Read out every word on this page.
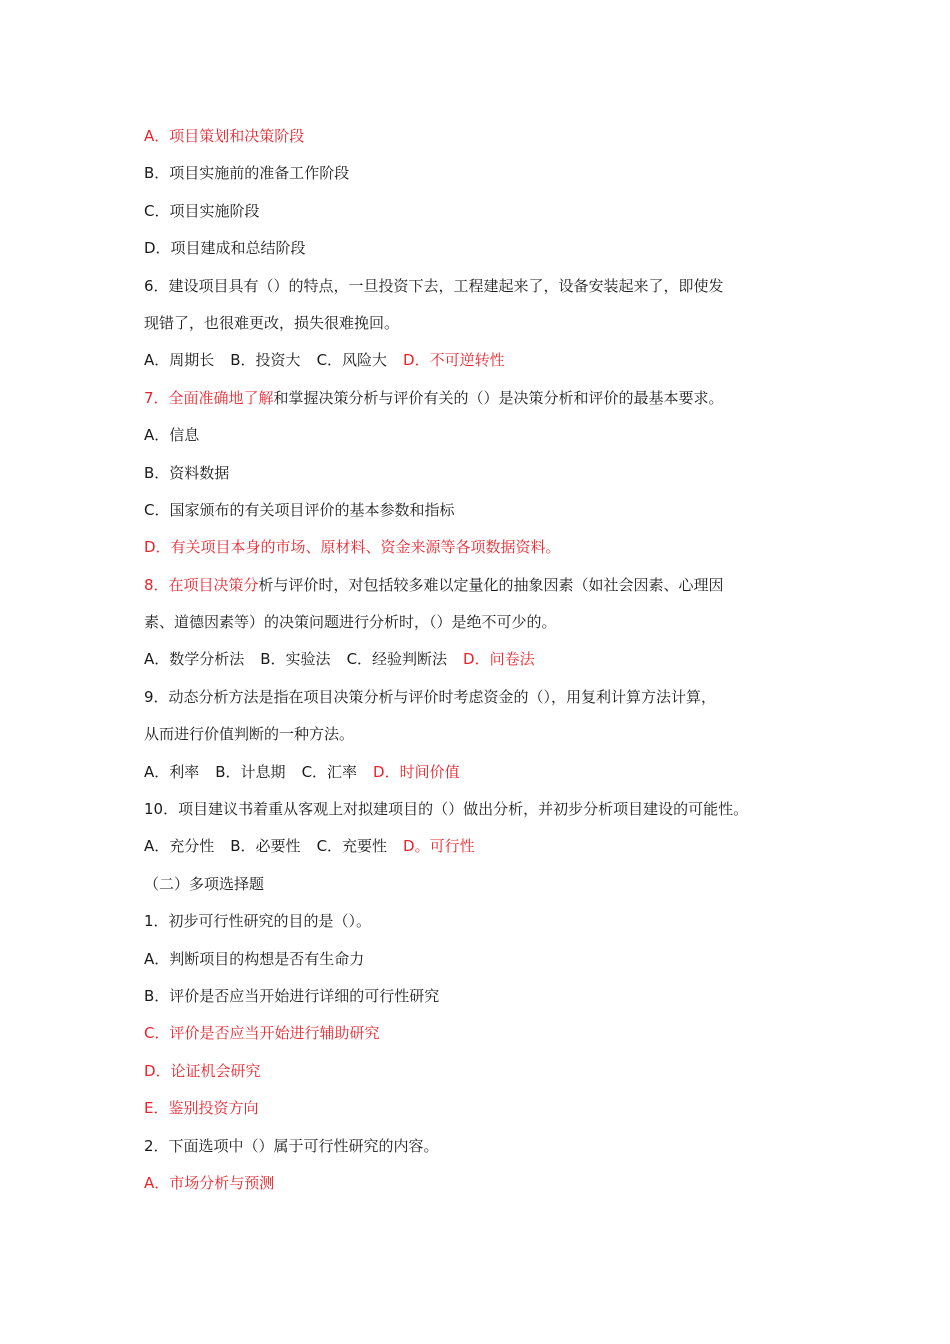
A．项目策划和决策阶段
B．项目实施前的准备工作阶段
C．项目实施阶段
D．项目建成和总结阶段
6．建设项目具有（）的特点，一旦投资下去，工程建起来了，设备安装起来了，即使发
现错了，也很难更改，损失很难挽回。
A．周期长 B．投资大 C．风险大 D．不可逆转性
7．全面准确地了解和掌握决策分析与评价有关的（）是决策分析和评价的最基本要求。
A．信息
B．资料数据
C．国家颁布的有关项目评价的基本参数和指标
D．有关项目本身的市场、原材料、资金来源等各项数据资料。
8．在项目决策分析与评价时，对包括较多难以定量化的抽象因素（如社会因素、心理因
素、道德因素等）的决策问题进行分析时，（）是绝不可少的。
A．数学分析法 B．实验法 C．经验判断法 D．问卷法
9．动态分析方法是指在项目决策分析与评价时考虑资金的（），用复利计算方法计算，
从而进行价值判断的一种方法。
A．利率 B．计息期 C．汇率 D．时间价值
10．项目建议书着重从客观上对拟建项目的（）做出分析，并初步分析项目建设的可能性。
A．充分性 B．必要性 C．充要性 D。可行性
（二）多项选择题
1．初步可行性研究的目的是（）。
A．判断项目的构想是否有生命力
B．评价是否应当开始进行详细的可行性研究
C．评价是否应当开始进行辅助研究
D．论证机会研究
E．鉴别投资方向
2．下面选项中（）属于可行性研究的内容。
A．市场分析与预测
